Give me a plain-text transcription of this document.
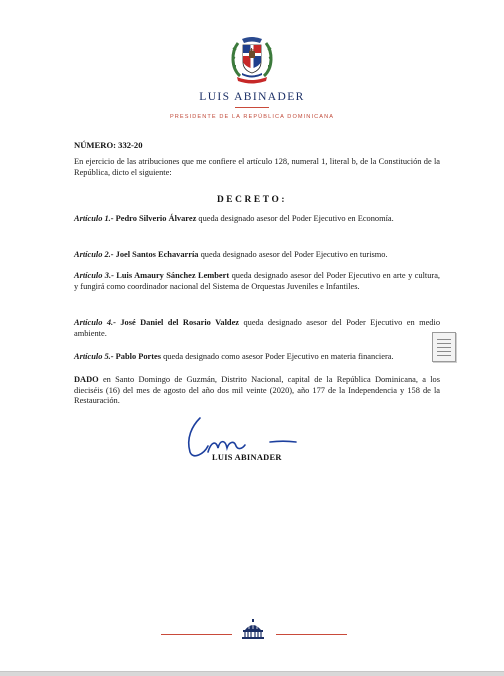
LUIS ABINADER
PRESIDENTE DE LA REPÚBLICA DOMINICANA
NÚMERO: 332-20
En ejercicio de las atribuciones que me confiere el artículo 128, numeral 1, literal b, de la Constitución de la República, dicto el siguiente:
DECRETO:
Artículo 1.- Pedro Silverio Álvarez queda designado asesor del Poder Ejecutivo en Economía.
Artículo 2.- Joel Santos Echavarría queda designado asesor del Poder Ejecutivo en turismo.
Artículo 3.- Luis Amaury Sánchez Lembert queda designado asesor del Poder Ejecutivo en arte y cultura, y fungirá como coordinador nacional del Sistema de Orquestas Juveniles e Infantiles.
Artículo 4.- José Daniel del Rosario Valdez queda designado asesor del Poder Ejecutivo en medio ambiente.
Artículo 5.- Pablo Portes queda designado como asesor Poder Ejecutivo en materia financiera.
DADO en Santo Domingo de Guzmán, Distrito Nacional, capital de la República Dominicana, a los dieciséis (16) del mes de agosto del año dos mil veinte (2020), año 177 de la Independencia y 158 de la Restauración.
LUIS ABINADER
